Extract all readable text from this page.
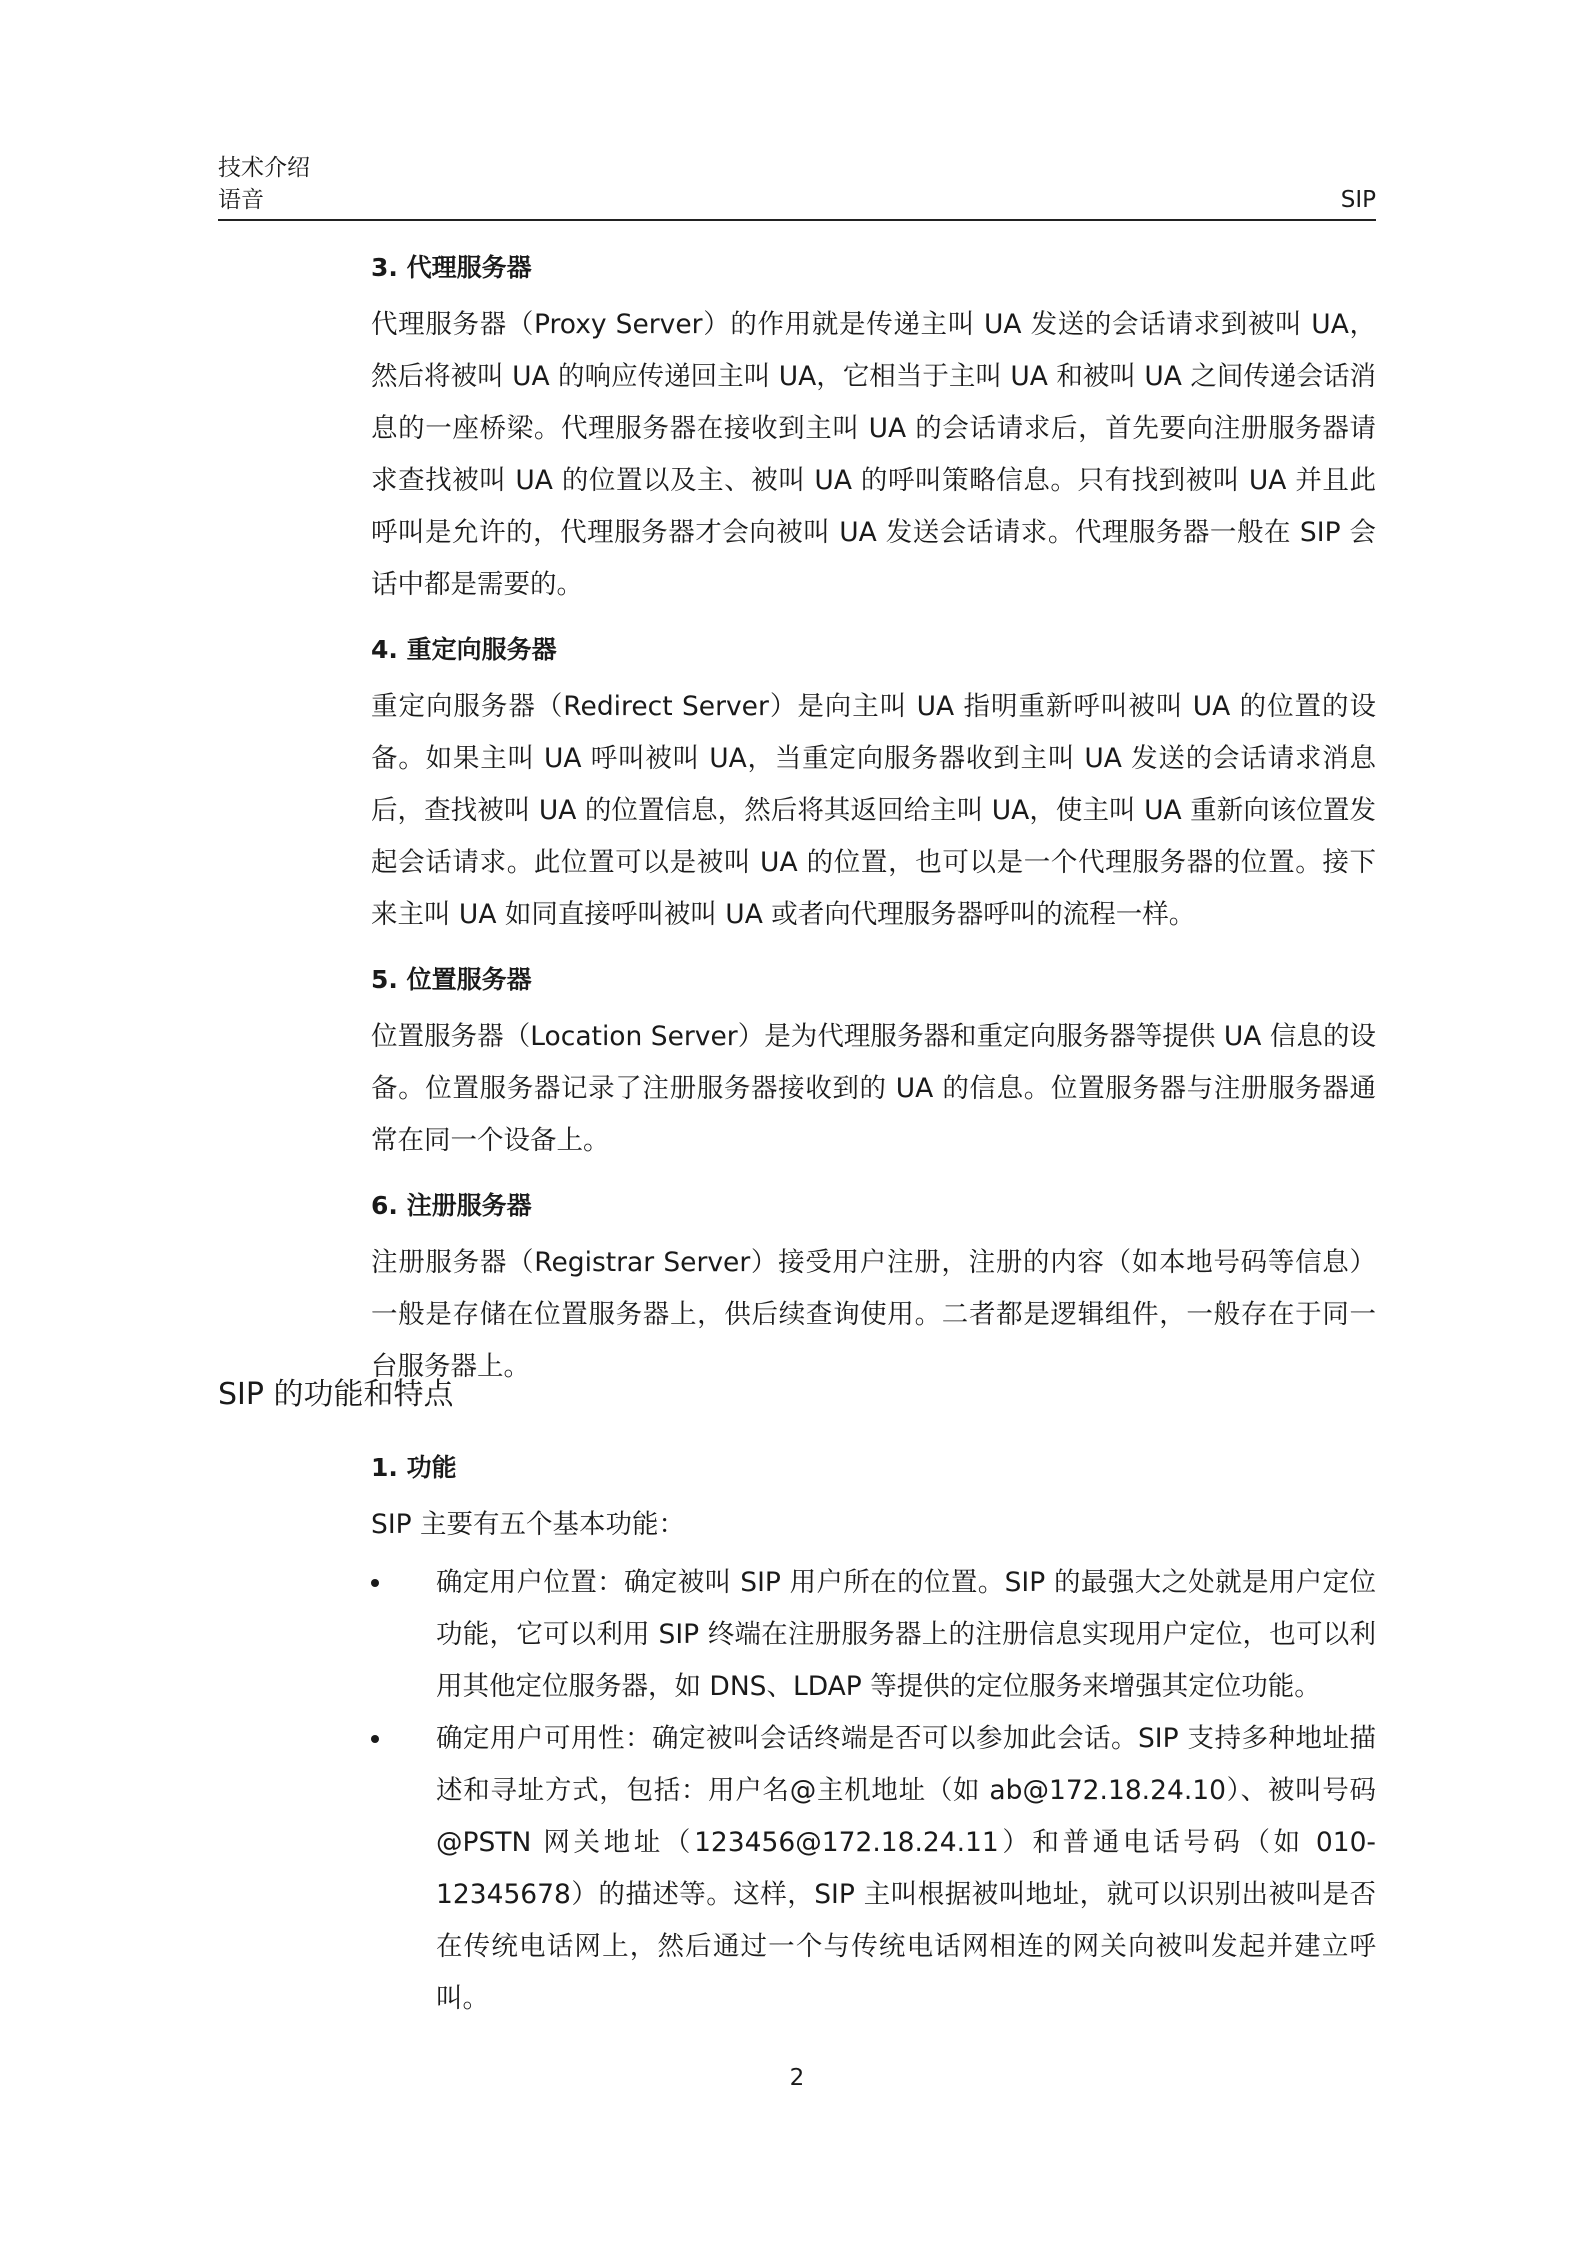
技术介绍
语音	SIP
3. 代理服务器

代理服务器（Proxy Server）的作用就是传递主叫 UA 发送的会话请求到被叫 UA，然后将被叫 UA 的响应传递回主叫 UA，它相当于主叫 UA 和被叫 UA 之间传递会话消息的一座桥梁。代理服务器在接收到主叫 UA 的会话请求后，首先要向注册服务器请求查找被叫 UA 的位置以及主、被叫 UA 的呼叫策略信息。只有找到被叫 UA 并且此呼叫是允许的，代理服务器才会向被叫 UA 发送会话请求。代理服务器一般在 SIP 会话中都是需要的。

4. 重定向服务器

重定向服务器（Redirect Server）是向主叫 UA 指明重新呼叫被叫 UA 的位置的设备。如果主叫 UA 呼叫被叫 UA，当重定向服务器收到主叫 UA 发送的会话请求消息后，查找被叫 UA 的位置信息，然后将其返回给主叫 UA，使主叫 UA 重新向该位置发起会话请求。此位置可以是被叫 UA 的位置，也可以是一个代理服务器的位置。接下来主叫 UA 如同直接呼叫被叫 UA 或者向代理服务器呼叫的流程一样。

5. 位置服务器

位置服务器（Location Server）是为代理服务器和重定向服务器等提供 UA 信息的设备。位置服务器记录了注册服务器接收到的 UA 的信息。位置服务器与注册服务器通常在同一个设备上。

6. 注册服务器

注册服务器（Registrar Server）接受用户注册，注册的内容（如本地号码等信息）一般是存储在位置服务器上，供后续查询使用。二者都是逻辑组件，一般存在于同一台服务器上。

SIP 的功能和特点
1. 功能

SIP 主要有五个基本功能：

确定用户位置：确定被叫 SIP 用户所在的位置。SIP 的最强大之处就是用户定位功能，它可以利用 SIP 终端在注册服务器上的注册信息实现用户定位，也可以利用其他定位服务器，如 DNS、LDAP 等提供的定位服务来增强其定位功能。
确定用户可用性：确定被叫会话终端是否可以参加此会话。SIP 支持多种地址描述和寻址方式，包括：用户名@主机地址（如 ab@172.18.24.10）、被叫号码@PSTN 网关地址（123456@172.18.24.11）和普通电话号码（如 010-12345678）的描述等。这样，SIP 主叫根据被叫地址，就可以识别出被叫是否在传统电话网上，然后通过一个与传统电话网相连的网关向被叫发起并建立呼叫。
2
